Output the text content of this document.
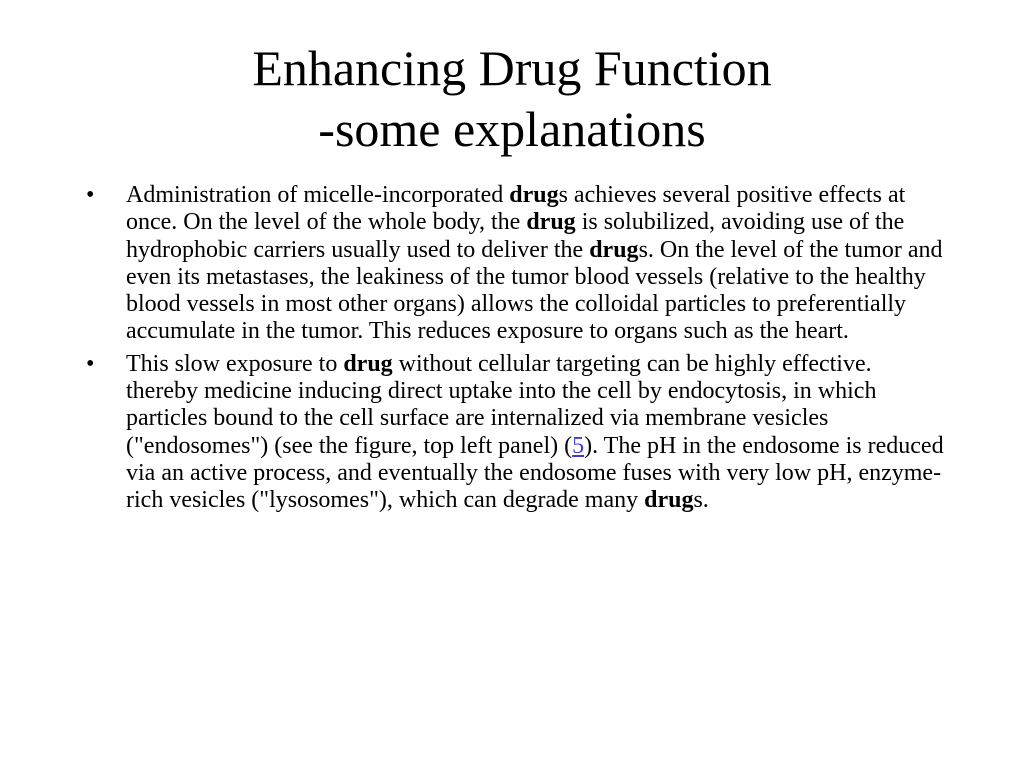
Enhancing Drug Function
-some explanations
• Administration of micelle-incorporated drugs achieves several positive effects at once. On the level of the whole body, the drug is solubilized, avoiding use of the hydrophobic carriers usually used to deliver the drugs. On the level of the tumor and even its metastases, the leakiness of the tumor blood vessels (relative to the healthy blood vessels in most other organs) allows the colloidal particles to preferentially accumulate in the tumor. This reduces exposure to organs such as the heart.
• This slow exposure to drug without cellular targeting can be highly effective. thereby medicine inducing direct uptake into the cell by endocytosis, in which particles bound to the cell surface are internalized via membrane vesicles ("endosomes") (see the figure, top left panel) (5). The pH in the endosome is reduced via an active process, and eventually the endosome fuses with very low pH, enzyme-rich vesicles ("lysosomes"), which can degrade many drugs.
